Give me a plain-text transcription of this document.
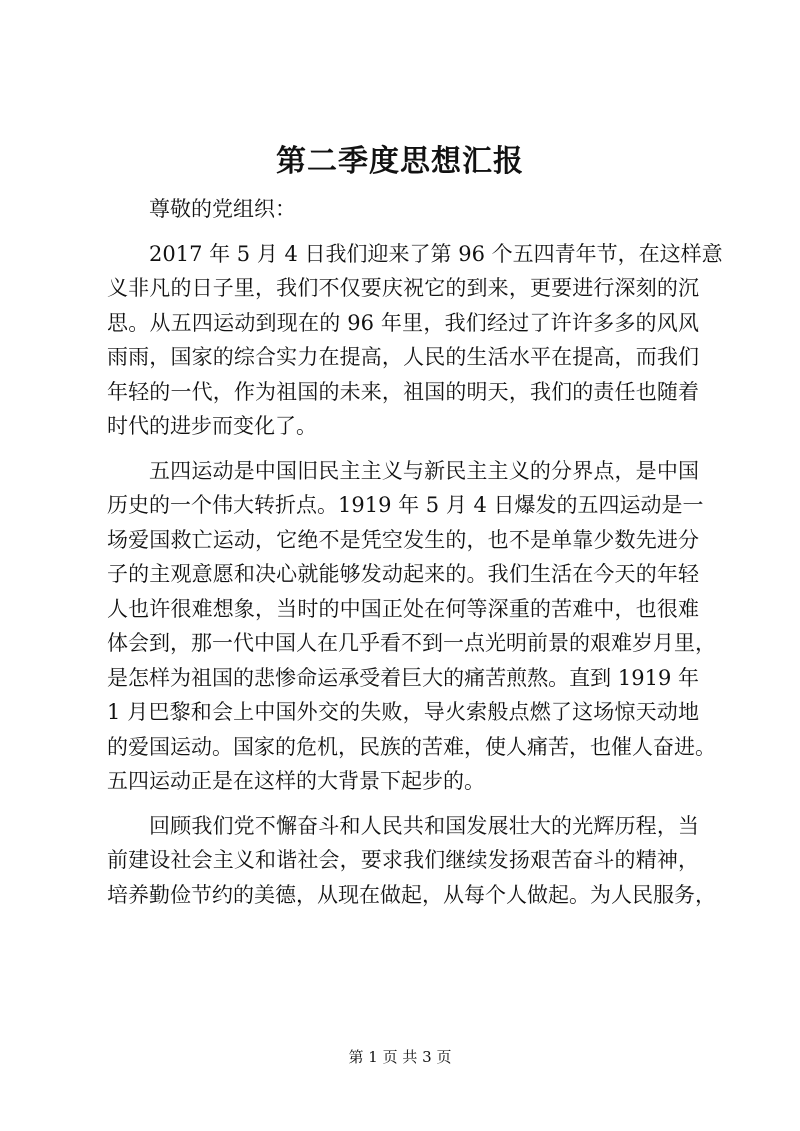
第二季度思想汇报
尊敬的党组织：
2017 年 5 月 4 日我们迎来了第 96 个五四青年节，在这样意
义非凡的日子里，我们不仅要庆祝它的到来，更要进行深刻的沉
思。从五四运动到现在的 96 年里，我们经过了许许多多的风风
雨雨，国家的综合实力在提高，人民的生活水平在提高，而我们
年轻的一代，作为祖国的未来，祖国的明天，我们的责任也随着
时代的进步而变化了。
五四运动是中国旧民主主义与新民主主义的分界点，是中国
历史的一个伟大转折点。1919 年 5 月 4 日爆发的五四运动是一
场爱国救亡运动，它绝不是凭空发生的，也不是单靠少数先进分
子的主观意愿和决心就能够发动起来的。我们生活在今天的年轻
人也许很难想象，当时的中国正处在何等深重的苦难中，也很难
体会到，那一代中国人在几乎看不到一点光明前景的艰难岁月里，
是怎样为祖国的悲惨命运承受着巨大的痛苦煎熬。直到 1919 年
1 月巴黎和会上中国外交的失败，导火索般点燃了这场惊天动地
的爱国运动。国家的危机，民族的苦难，使人痛苦，也催人奋进。
五四运动正是在这样的大背景下起步的。
回顾我们党不懈奋斗和人民共和国发展壮大的光辉历程，当
前建设社会主义和谐社会，要求我们继续发扬艰苦奋斗的精神，
培养勤俭节约的美德，从现在做起，从每个人做起。为人民服务，
第 1 页 共 3 页
